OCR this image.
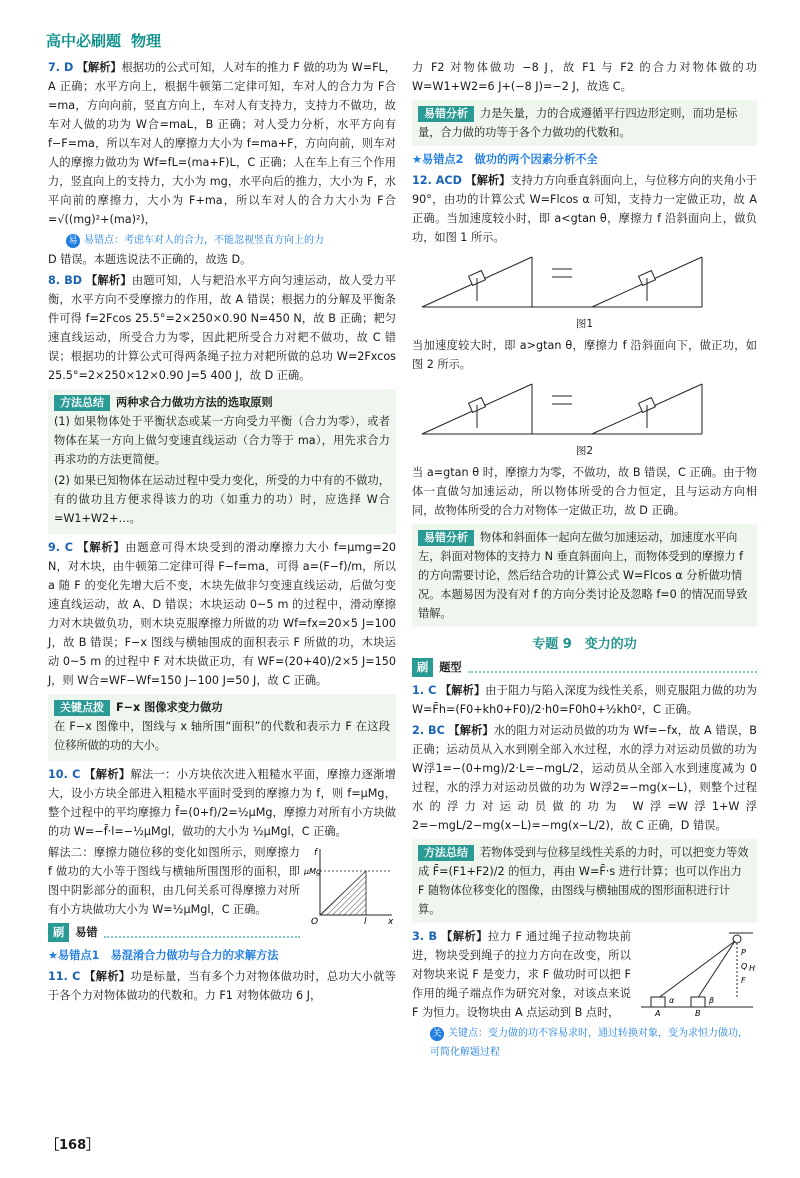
高中必刷题 物理

7. D 【解析】根据功的公式可知，人对车的推力 F 做的功为 W=FL，A 正确；水平方向上，根据牛顿第二定律可知，车对人的合力为 F合=ma，方向向前，竖直方向上，车对人有支持力，支持力不做功，故车对人做的功为 W合=maL，B 正确；对人受力分析，水平方向有 f−F=ma，所以车对人的摩擦力大小为 f=ma+F，方向向前，则车对人的摩擦力做功为 Wf=fL=(ma+F)L，C 正确；人在车上有三个作用力，竖直向上的支持力，大小为 mg，水平向后的推力，大小为 F，水平向前的摩擦力，大小为 F+ma，所以车对人的合力大小为 F合=√((mg)²+(ma)²)，

易 易错点：考虑车对人的合力，不能忽视竖直方向上的力

D 错误。本题选说法不正确的，故选 D。

8. BD 【解析】由题可知，人与耙沿水平方向匀速运动，故人受力平衡，水平方向不受摩擦力的作用，故 A 错误；根据力的分解及平衡条件可得 f=2Fcos 25.5°=2×250×0.90 N=450 N，故 B 正确；耙匀速直线运动，所受合力为零，因此耙所受合力对耙不做功，故 C 错误；根据功的计算公式可得两条绳子拉力对耙所做的总功 W=2Fxcos 25.5°=2×250×12×0.90 J=5 400 J，故 D 正确。

方法总结 两种求合力做功方法的选取原则

(1) 如果物体处于平衡状态或某一方向受力平衡（合力为零），或者物体在某一方向上做匀变速直线运动（合力等于 ma），用先求合力再求功的方法更简便。

(2) 如果已知物体在运动过程中受力变化，所受的力中有的不做功，有的做功且方便求得该力的功（如重力的功）时，应选择 W合=W1+W2+…。

9. C 【解析】由题意可得木块受到的滑动摩擦力大小 f=μmg=20 N，对木块，由牛顿第二定律可得 F−f=ma，可得 a=(F−f)/m，所以 a 随 F 的变化先增大后不变，木块先做非匀变速直线运动，后做匀变速直线运动，故 A、D 错误；木块运动 0~5 m 的过程中，滑动摩擦力对木块做负功，则木块克服摩擦力所做的功 Wf=fx=20×5 J=100 J，故 B 错误；F−x 图线与横轴围成的面积表示 F 所做的功，木块运动 0~5 m 的过程中 F 对木块做正功，有 WF=(20+40)/2×5 J=150 J，则 W合=WF−Wf=150 J−100 J=50 J，故 C 正确。

关键点拨 F−x 图像求变力做功

在 F−x 图像中，图线与 x 轴所围“面积”的代数和表示力 F 在这段位移所做的功的大小。

10. C 【解析】解法一：小方块依次进入粗糙水平面，摩擦力逐渐增大，设小方块全部进入粗糙水平面时受到的摩擦力为 f，则 f=μMg，整个过程中的平均摩擦力 f̄=(0+f)/2=½μMg，摩擦力对所有小方块做的功 W=−f̄·l=−½μMgl，做功的大小为 ½μMgl，C 正确。

f
μMg
x
l
O

解法二：摩擦力随位移的变化如图所示，则摩擦力 f 做功的大小等于图线与横轴所围图形的面积，即图中阴影部分的面积，由几何关系可得摩擦力对所有小方块做功大小为 W=½μMgl，C 正确。

刷 易错
★易错点1　易混淆合力做功与合力的求解方法

11. C 【解析】功是标量，当有多个力对物体做功时，总功大小就等于各个力对物体做功的代数和。力 F1 对物体做功 6 J，

力 F2 对物体做功 −8 J，故 F1 与 F2 的合力对物体做的功 W=W1+W2=6 J+(−8 J)=−2 J，故选 C。

易错分析 力是矢量，力的合成遵循平行四边形定则，而功是标量，合力做的功等于各个力做功的代数和。
★易错点2　做功的两个因素分析不全

12. ACD 【解析】支持力方向垂直斜面向上，与位移方向的夹角小于 90°，由功的计算公式 W=Flcos α 可知，支持力一定做正功，故 A 正确。当加速度较小时，即 a<gtan θ，摩擦力 f 沿斜面向上，做负功，如图 1 所示。

图1

当加速度较大时，即 a>gtan θ，摩擦力 f 沿斜面向下，做正功，如图 2 所示。

图2

当 a=gtan θ 时，摩擦力为零，不做功，故 B 错误，C 正确。由于物体一直做匀加速运动，所以物体所受的合力恒定，且与运动方向相同，故物体所受的合力对物体一定做正功，故 D 正确。

易错分析 物体和斜面体一起向左做匀加速运动，加速度水平向左，斜面对物体的支持力 N 垂直斜面向上，而物体受到的摩擦力 f 的方向需要讨论，然后结合功的计算公式 W=Flcos α 分析做功情况。本题易因为没有对 f 的方向分类讨论及忽略 f=0 的情况而导致错解。
专题 9　变力的功
刷 题型

1. C 【解析】由于阻力与陷入深度为线性关系，则克服阻力做的功为 W=F̄h=(F0+kh0+F0)/2·h0=F0h0+½kh0²，C 正确。

2. BC 【解析】水的阻力对运动员做的功为 Wf=−fx，故 A 错误，B 正确；运动员从入水到刚全部入水过程，水的浮力对运动员做的功为 W浮1=−(0+mg)/2·L=−mgL/2，运动员从全部入水到速度减为 0 过程，水的浮力对运动员做的功为 W浮2=−mg(x−L)，则整个过程水的浮力对运动员做的功为 W浮=W浮1+W浮2=−mgL/2−mg(x−L)=−mg(x−L/2)，故 C 正确，D 错误。

方法总结 若物体受到与位移呈线性关系的力时，可以把变力等效成 F̄=(F1+F2)/2 的恒力，再由 W=F̄·s 进行计算；也可以作出力 F 随物体位移变化的图像，由图线与横轴围成的图形面积进行计算。
P
Q
F
H
α	β
A	B

3. B 【解析】拉力 F 通过绳子拉动物块前进，物块受到绳子的拉力方向在改变，所以对物块来说 F 是变力，求 F 做功时可以把 F 作用的绳子端点作为研究对象，对该点来说 F 为恒力。设物块由 A 点运动到 B 点时，

关 关键点：变力做的功不容易求时，通过转换对象，变为求恒力做功，可简化解题过程
［168］
